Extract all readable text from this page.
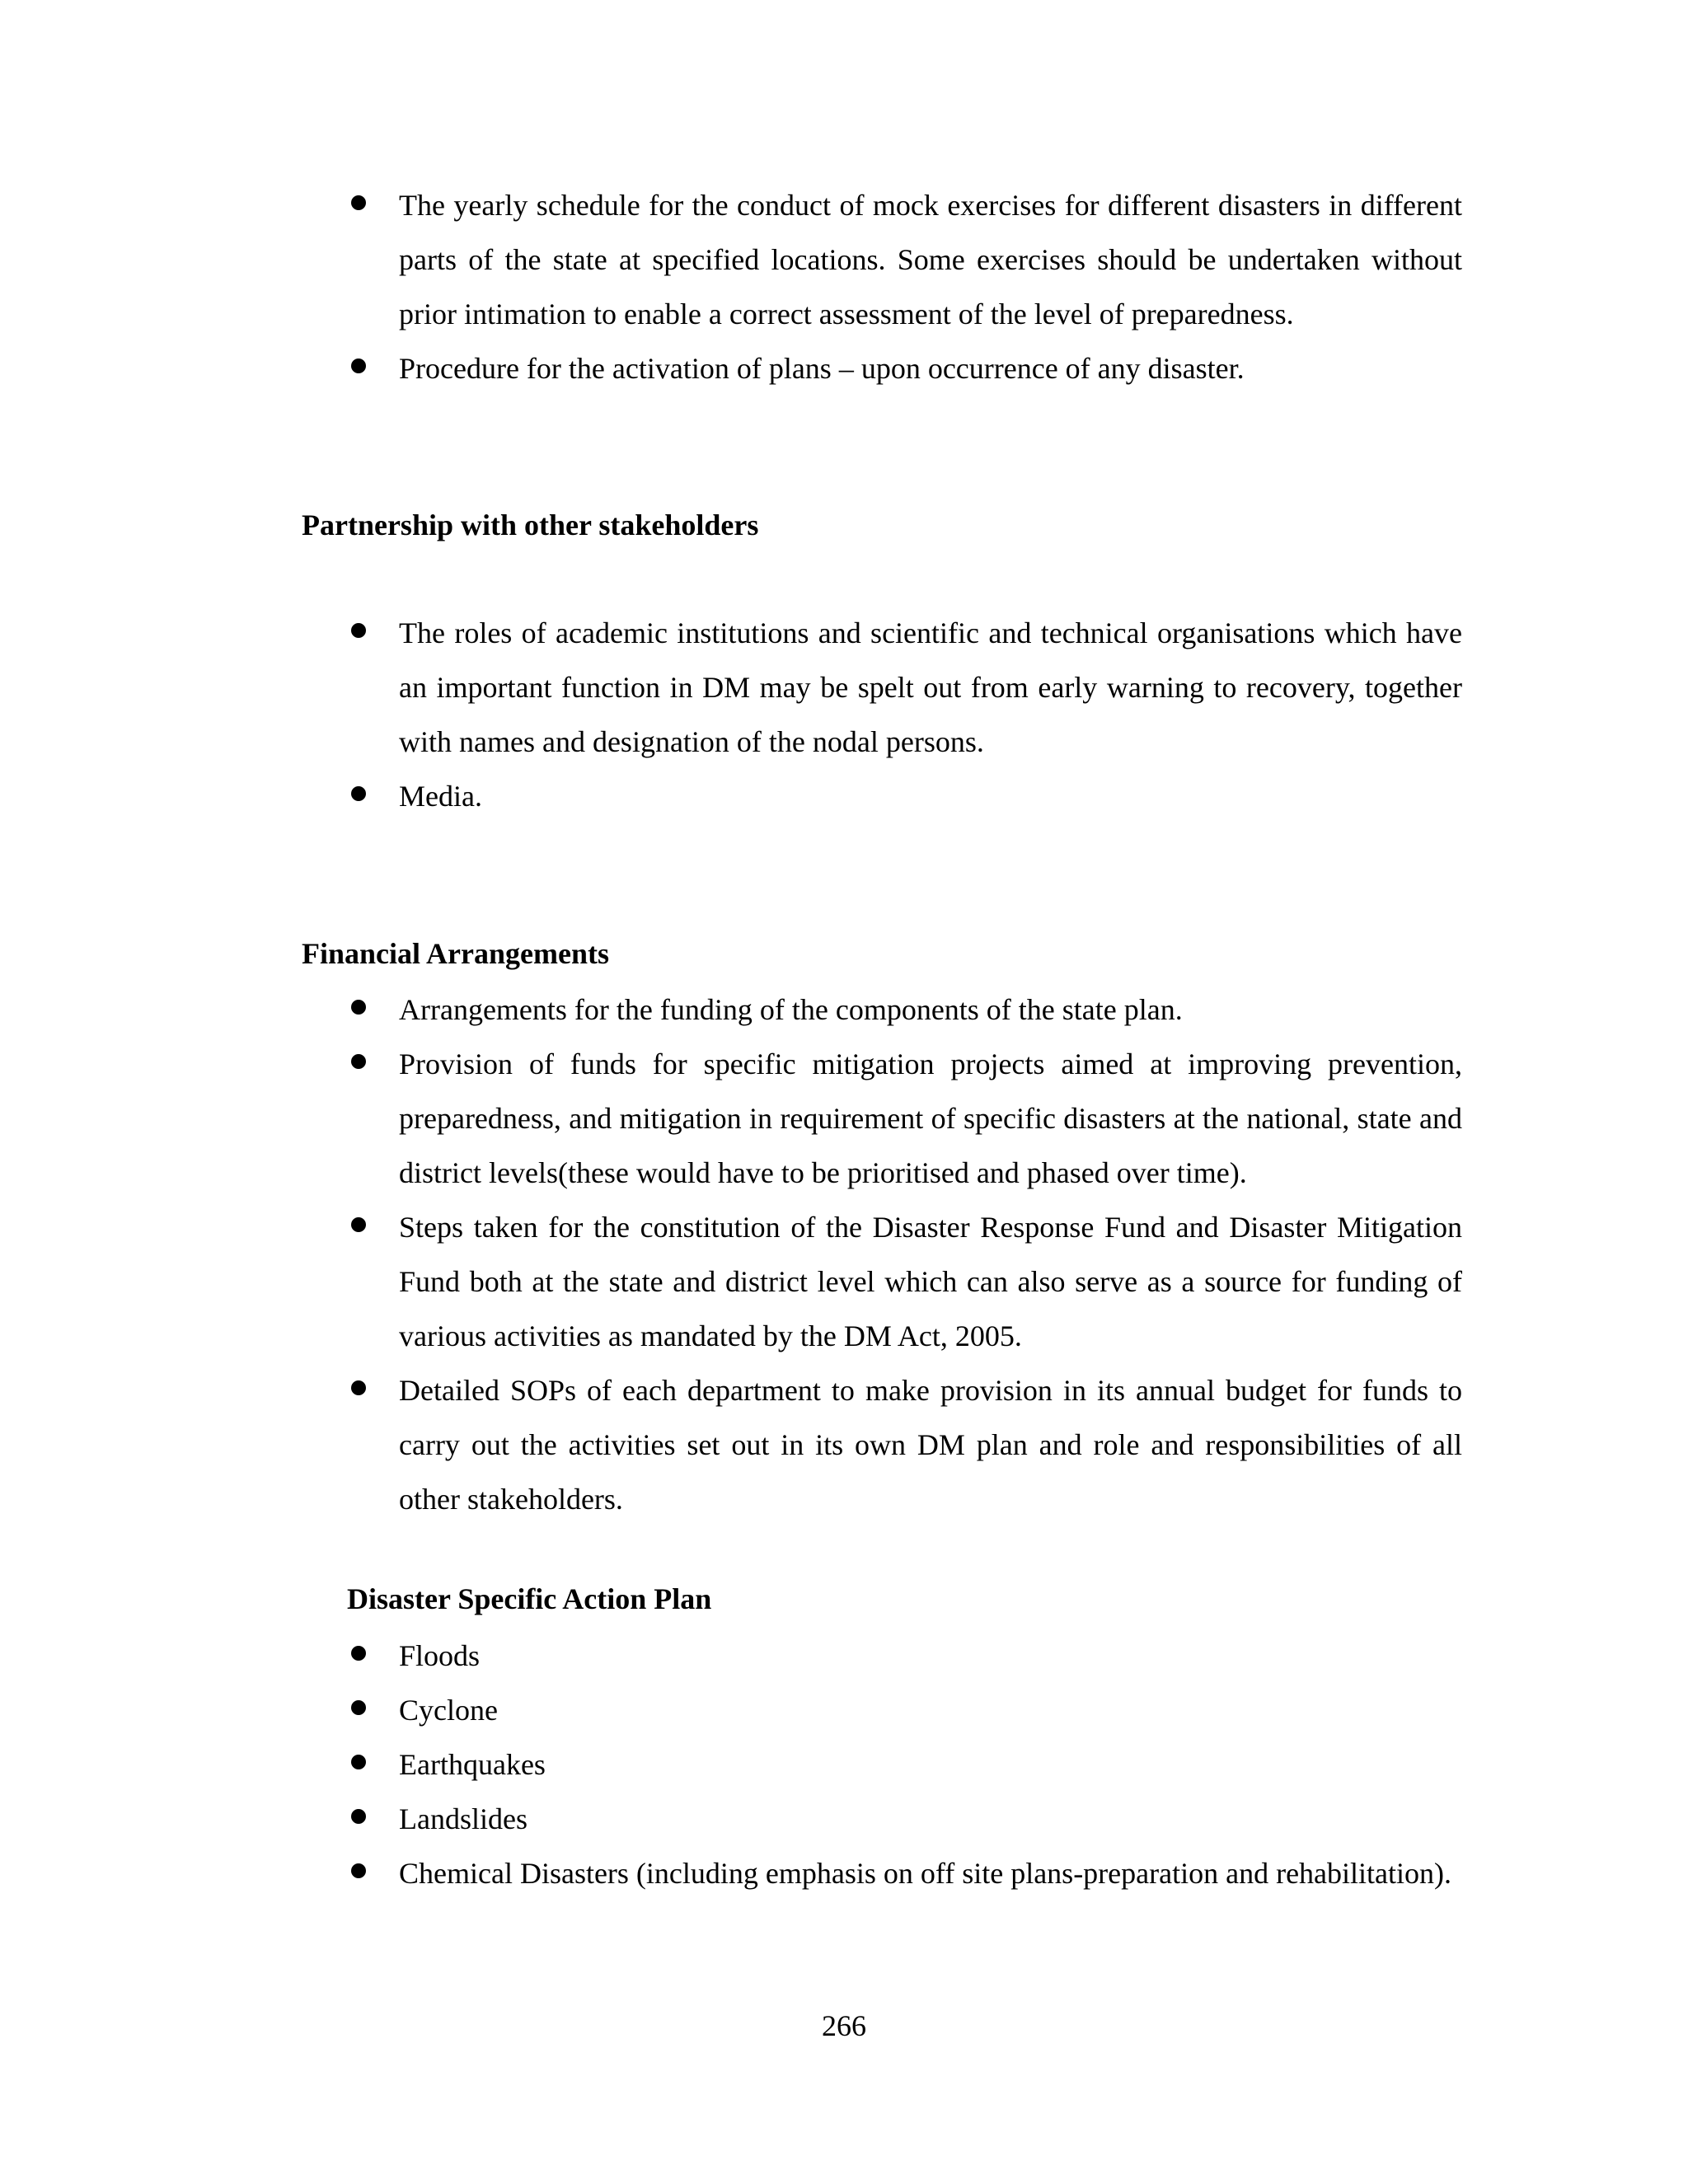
The yearly schedule for the conduct of mock exercises for different disasters in different parts of the state at specified locations. Some exercises should be undertaken without prior intimation to enable a correct assessment of the level of preparedness.
Procedure for the activation of plans – upon occurrence of any disaster.
Partnership with other stakeholders
The roles of academic institutions and scientific and technical organisations which have an important function in DM may be spelt out from early warning to recovery, together with names and designation of the nodal persons.
Media.
Financial Arrangements
Arrangements for the funding of the components of the state plan.
Provision of funds for specific mitigation projects aimed at improving prevention, preparedness, and mitigation in requirement of specific disasters at the national, state and district levels(these would have to be prioritised and phased over time).
Steps taken for the constitution of the Disaster Response Fund and Disaster Mitigation Fund both at the state and district level which can also serve as a source for funding of various activities as mandated by the DM Act, 2005.
Detailed SOPs of each department to make provision in its annual budget for funds to carry out the activities set out in its own DM plan and role and responsibilities of all other stakeholders.
Disaster Specific Action Plan
Floods
Cyclone
Earthquakes
Landslides
Chemical Disasters (including emphasis on off site plans-preparation and rehabilitation).
266
